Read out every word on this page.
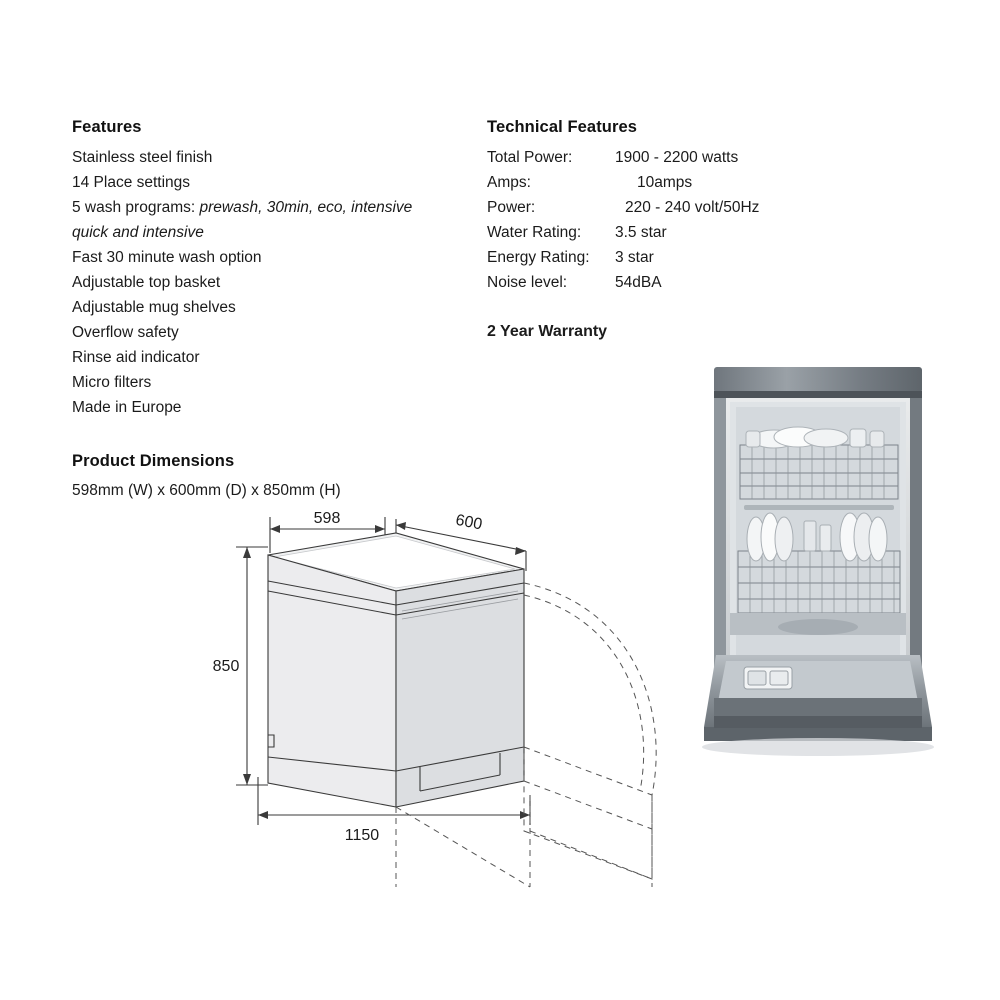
Features
Stainless steel finish
14 Place settings
5 wash programs: prewash, 30min, eco, intensive quick and intensive
Fast 30 minute wash option
Adjustable top basket
Adjustable mug shelves
Overflow safety
Rinse aid indicator
Micro filters
Made in Europe
Technical Features
Total Power:	1900 - 2200 watts
Amps:	10amps
Power:	220 - 240 volt/50Hz
Water Rating:	3.5 star
Energy Rating:	3 star
Noise level:	54dBA
2 Year Warranty
Product Dimensions
598mm (W) x 600mm (D) x 850mm (H)
598	600
850
1150
